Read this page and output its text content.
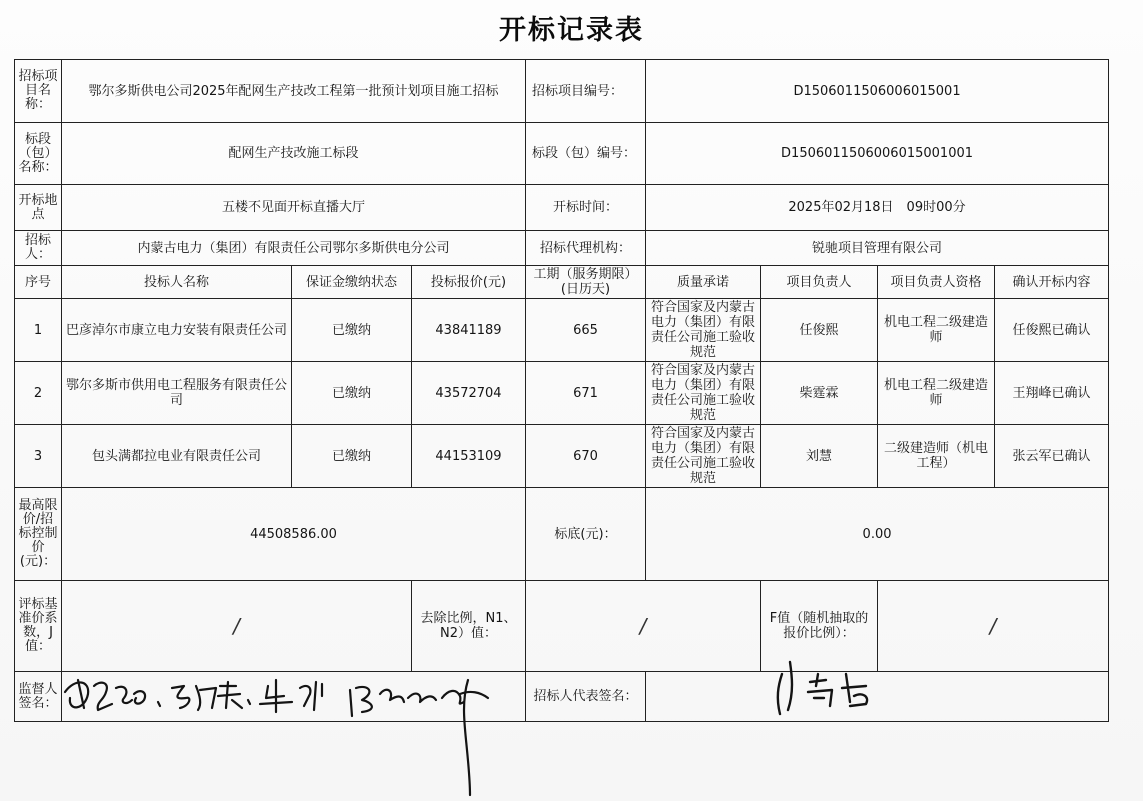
开标记录表
招标项目名称：	鄂尔多斯供电公司2025年配网生产技改工程第一批预计划项目施工招标			招标项目编号：	D1506011506006015001			
标段（包）名称：	配网生产技改施工标段			标段（包）编号：	D1506011506006015001001			
开标地点	五楼不见面开标直播大厅			开标时间：	2025年02月18日　09时00分			
招标人：	内蒙古电力（集团）有限责任公司鄂尔多斯供电分公司			招标代理机构：	锐驰项目管理有限公司			
序号	投标人名称	保证金缴纳状态	投标报价(元)	工期（服务期限）(日历天)	质量承诺	项目负责人	项目负责人资格	确认开标内容
1	巴彦淖尔市康立电力安装有限责任公司	已缴纳	43841189	665	符合国家及内蒙古电力（集团）有限责任公司施工验收规范	任俊熙	机电工程二级建造师	任俊熙已确认
2	鄂尔多斯市供用电工程服务有限责任公司	已缴纳	43572704	671	符合国家及内蒙古电力（集团）有限责任公司施工验收规范	柴霆霖	机电工程二级建造师	王翔峰已确认
3	包头满都拉电业有限责任公司	已缴纳	44153109	670	符合国家及内蒙古电力（集团）有限责任公司施工验收规范	刘慧	二级建造师（机电工程）	张云军已确认
最高限价/招标控制价(元)：	44508586.00			标底(元)：	0.00			
评标基准价系数，J值：	/		去除比例，N1、N2）值：	/		F值（随机抽取的报价比例）：	/	
监督人签名：				招标人代表签名：				
